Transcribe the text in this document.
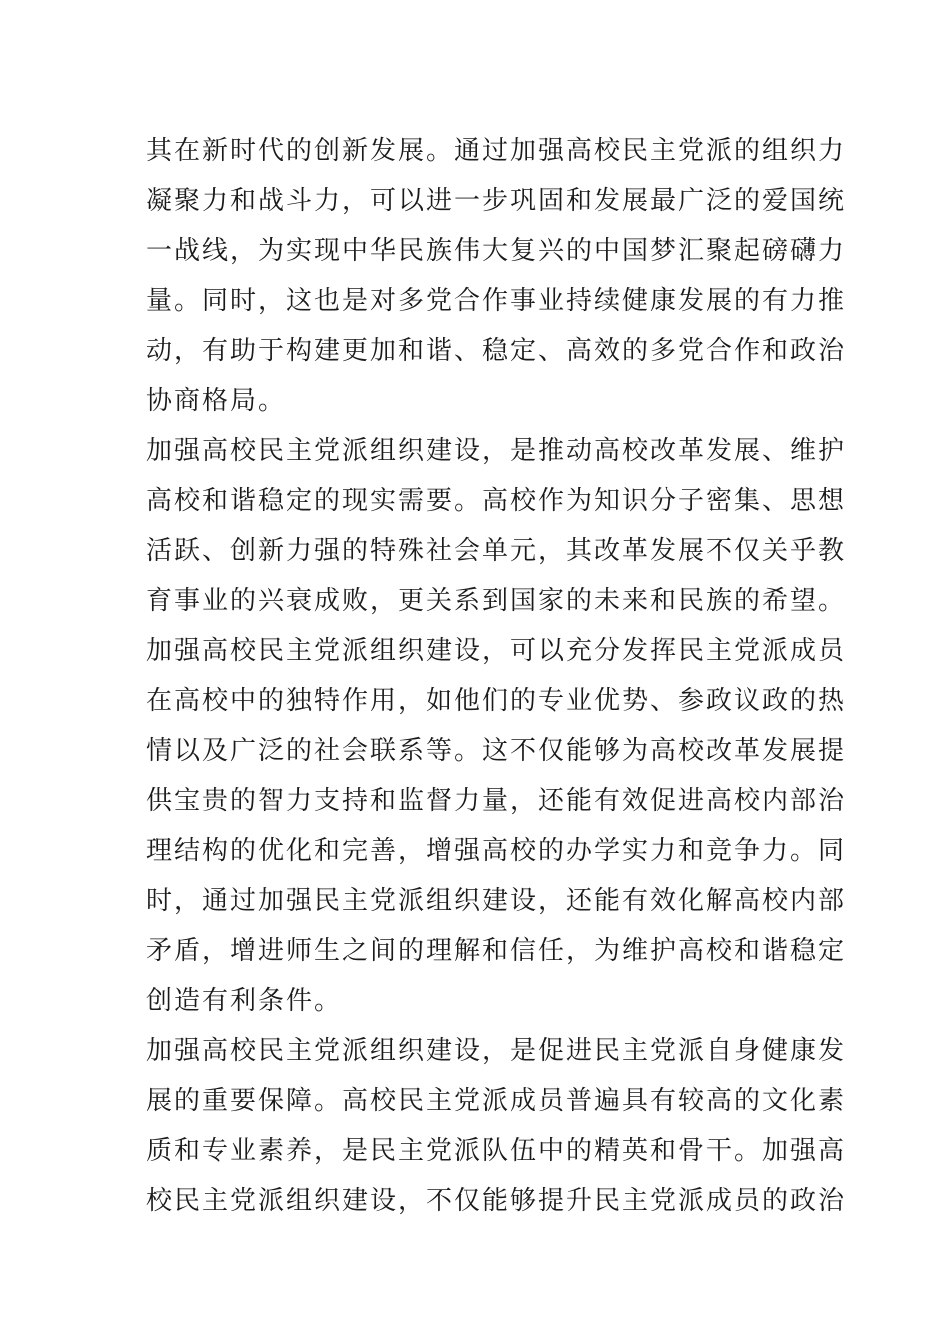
其在新时代的创新发展。通过加强高校民主党派的组织力
凝聚力和战斗力，可以进一步巩固和发展最广泛的爱国统
一战线，为实现中华民族伟大复兴的中国梦汇聚起磅礴力
量。同时，这也是对多党合作事业持续健康发展的有力推
动，有助于构建更加和谐、稳定、高效的多党合作和政治
协商格局。
加强高校民主党派组织建设，是推动高校改革发展、维护
高校和谐稳定的现实需要。高校作为知识分子密集、思想
活跃、创新力强的特殊社会单元，其改革发展不仅关乎教
育事业的兴衰成败，更关系到国家的未来和民族的希望。
加强高校民主党派组织建设，可以充分发挥民主党派成员
在高校中的独特作用，如他们的专业优势、参政议政的热
情以及广泛的社会联系等。这不仅能够为高校改革发展提
供宝贵的智力支持和监督力量，还能有效促进高校内部治
理结构的优化和完善，增强高校的办学实力和竞争力。同
时，通过加强民主党派组织建设，还能有效化解高校内部
矛盾，增进师生之间的理解和信任，为维护高校和谐稳定
创造有利条件。
加强高校民主党派组织建设，是促进民主党派自身健康发
展的重要保障。高校民主党派成员普遍具有较高的文化素
质和专业素养，是民主党派队伍中的精英和骨干。加强高
校民主党派组织建设，不仅能够提升民主党派成员的政治
